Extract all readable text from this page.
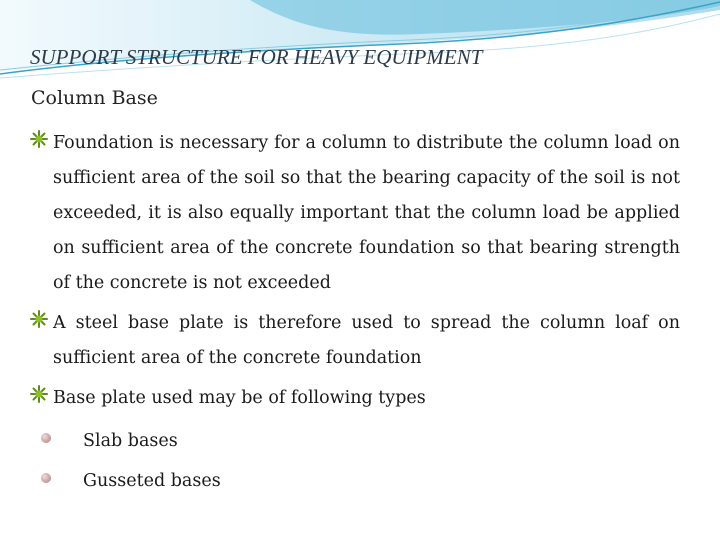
SUPPORT STRUCTURE FOR HEAVY EQUIPMENT
Column Base
Foundation is necessary for a column to distribute the column load on sufficient area of the soil so that the bearing capacity of the soil is not exceeded, it is also equally important that the column load be applied on sufficient area of the concrete foundation so that bearing strength of the concrete is not exceeded
A steel base plate is therefore used to spread the column loaf on sufficient area of the concrete foundation
Base plate used may be of following types
Slab bases
Gusseted bases
